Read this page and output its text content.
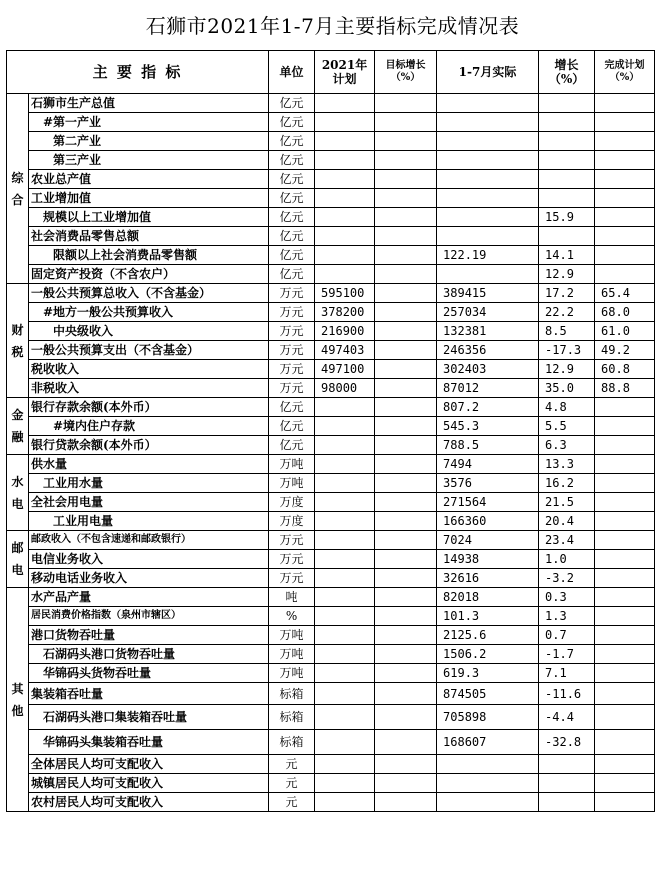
石狮市2021年1-7月主要指标完成情况表
主 要 指 标		单位	2021年计划	目标增长（%）	1-7月实际	增长（%）	完成计划（%）
综合	石狮市生产总值	亿元					
	#第一产业	亿元					
	第二产业	亿元					
	第三产业	亿元					
	农业总产值	亿元					
	工业增加值	亿元					
	规模以上工业增加值	亿元				15.9	
	社会消费品零售总额	亿元					
	限额以上社会消费品零售额	亿元			122.19	14.1	
	固定资产投资（不含农户）	亿元				12.9	
财税	一般公共预算总收入（不含基金）	万元	595100		389415	17.2	65.4
	#地方一般公共预算收入	万元	378200		257034	22.2	68.0
	中央级收入	万元	216900		132381	8.5	61.0
	一般公共预算支出（不含基金）	万元	497403		246356	-17.3	49.2
	税收收入	万元	497100		302403	12.9	60.8
	非税收入	万元	98000		87012	35.0	88.8
金融	银行存款余额(本外币）	亿元			807.2	4.8	
	#境内住户存款	亿元			545.3	5.5	
	银行贷款余额(本外币）	亿元			788.5	6.3	
水电	供水量	万吨			7494	13.3	
	工业用水量	万吨			3576	16.2	
	全社会用电量	万度			271564	21.5	
	工业用电量	万度			166360	20.4	
邮电	邮政收入（不包含速递和邮政银行）	万元			7024	23.4	
	电信业务收入	万元			14938	1.0	
	移动电话业务收入	万元			32616	-3.2	
其他	水产品产量	吨			82018	0.3	
	居民消费价格指数（泉州市辖区）	%			101.3	1.3	
	港口货物吞吐量	万吨			2125.6	0.7	
	石湖码头港口货物吞吐量	万吨			1506.2	-1.7	
	华锦码头货物吞吐量	万吨			619.3	7.1	
	集装箱吞吐量	标箱			874505	-11.6	
	石湖码头港口集装箱吞吐量	标箱			705898	-4.4	
	华锦码头集装箱吞吐量	标箱			168607	-32.8	
	全体居民人均可支配收入	元					
	城镇居民人均可支配收入	元					
	农村居民人均可支配收入	元					
